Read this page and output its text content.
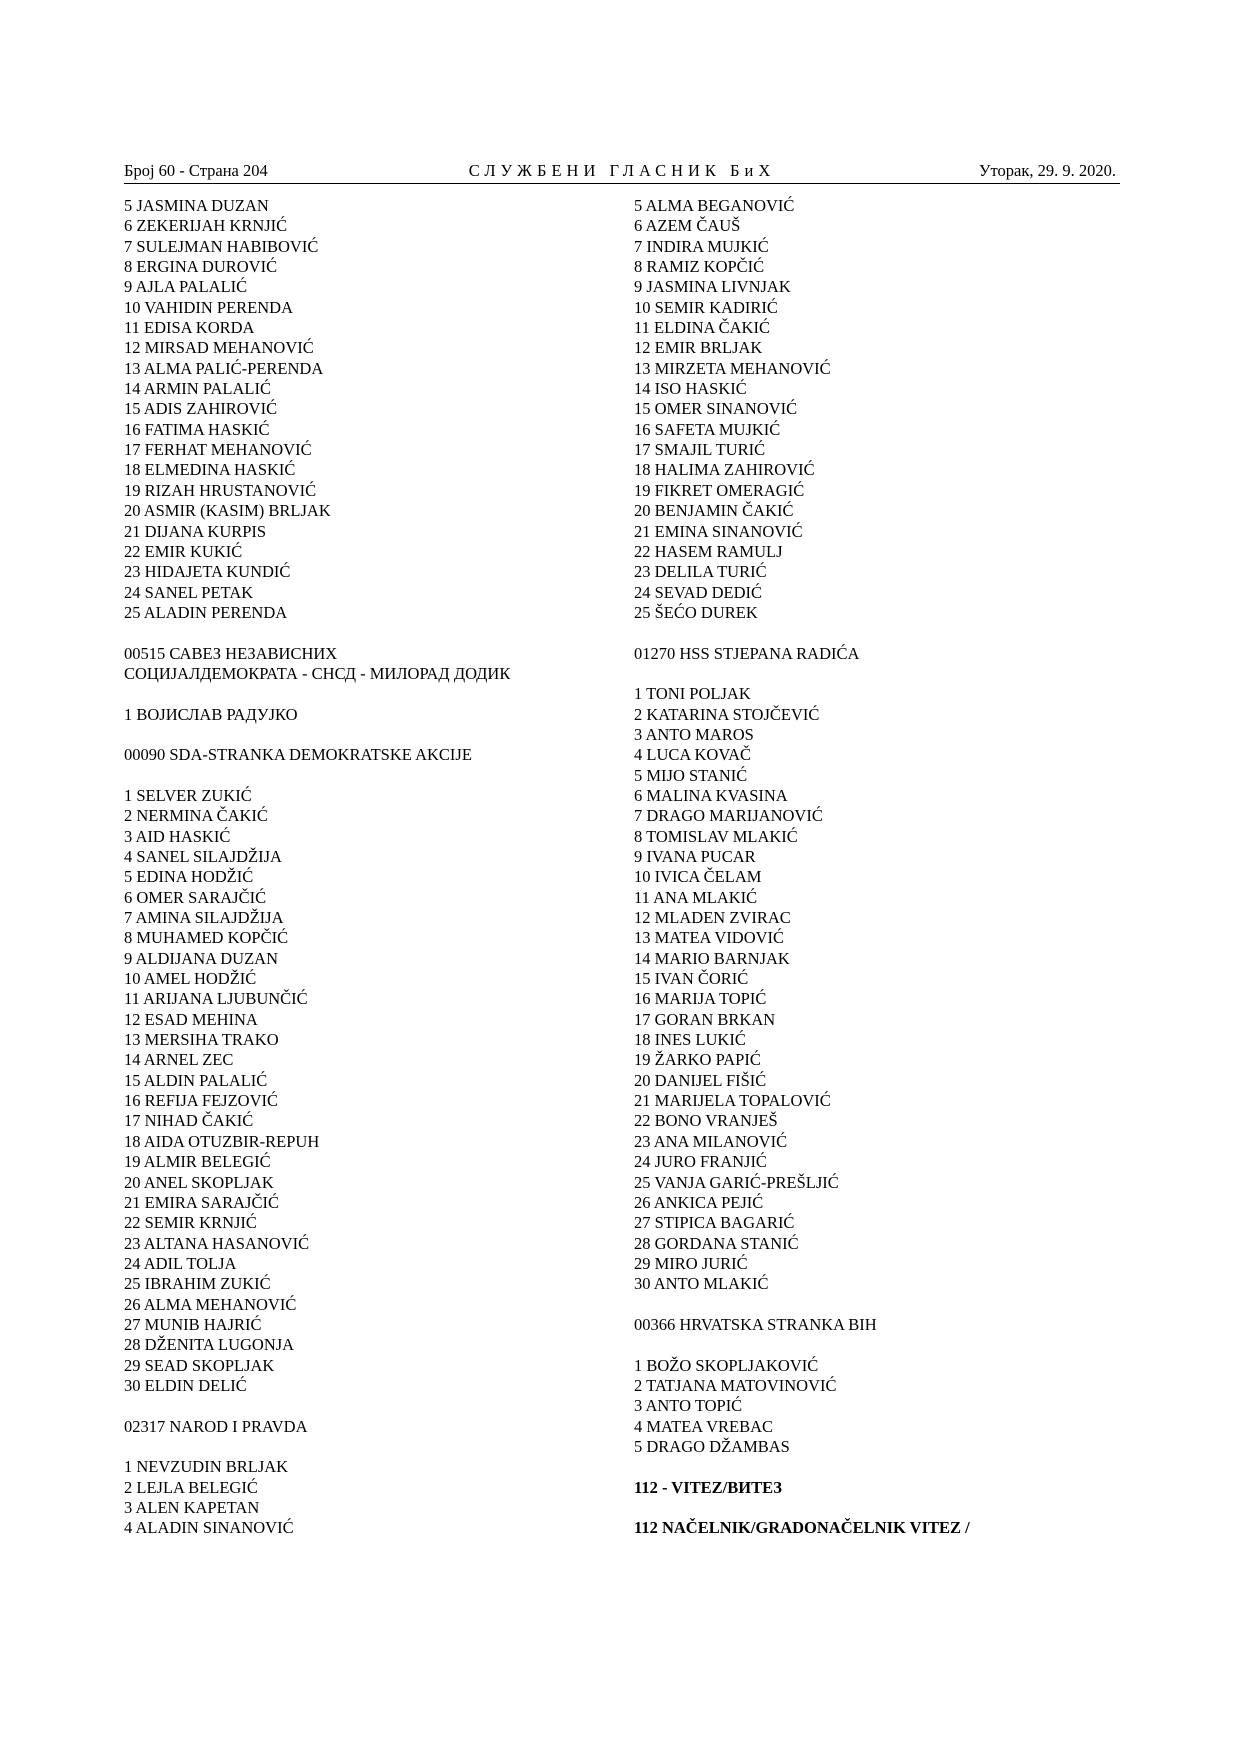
Број 60 - Страна 204	СЛУЖБЕНИ ГЛАСНИК БиХ	Уторак, 29. 9. 2020.
5 JASMINA DUZAN
6 ZEKERIJAH KRNJIĆ
7 SULEJMAN HABIBOVIĆ
8 ERGINA DUROVIĆ
9 AJLA PALALIĆ
10 VAHIDIN PERENDA
11 EDISA KORDA
12 MIRSAD MEHANOVIĆ
13 ALMA PALIĆ-PERENDA
14 ARMIN PALALIĆ
15 ADIS ZAHIROVIĆ
16 FATIMA HASKIĆ
17 FERHAT MEHANOVIĆ
18 ELMEDINA HASKIĆ
19 RIZAH HRUSTANOVIĆ
20 ASMIR (KASIM) BRLJAK
21 DIJANA KURPIS
22 EMIR KUKIĆ
23 HIDAJETA KUNDIĆ
24 SANEL PETAK
25 ALADIN PERENDA
00515 САВЕЗ НЕЗАВИСНИХ
СОЦИЈАЛДЕМОКРАТА - СНСД - МИЛОРАД ДОДИК
1 ВОЈИСЛАВ РАДУЈКО
00090 SDA-STRANKA DEMOKRATSKE AKCIJE
1 SELVER ZUKIĆ
2 NERMINA ČAKIĆ
3 AID HASKIĆ
4 SANEL SILAJDŽIJA
5 EDINA HODŽIĆ
6 OMER SARAJČIĆ
7 AMINA SILAJDŽIJA
8 MUHAMED KOPČIĆ
9 ALDIJANA DUZAN
10 AMEL HODŽIĆ
11 ARIJANA LJUBUNČIĆ
12 ESAD MEHINA
13 MERSIHA TRAKO
14 ARNEL ZEC
15 ALDIN PALALIĆ
16 REFIJA FEJZOVIĆ
17 NIHAD ČAKIĆ
18 AIDA OTUZBIR-REPUH
19 ALMIR BELEGIĆ
20 ANEL SKOPLJAK
21 EMIRA SARAJČIĆ
22 SEMIR KRNJIĆ
23 ALTANA HASANOVIĆ
24 ADIL TOLJA
25 IBRAHIM ZUKIĆ
26 ALMA MEHANOVIĆ
27 MUNIB HAJRIĆ
28 DŽENITA LUGONJA
29 SEAD SKOPLJAK
30 ELDIN DELIĆ
02317 NAROD I PRAVDA
1 NEVZUDIN BRLJAK
2 LEJLA BELEGIĆ
3 ALEN KAPETAN
4 ALADIN SINANOVIĆ
5 ALMA BEGANOVIĆ
6 AZEM ČAUŠ
7 INDIRA MUJKIĆ
8 RAMIZ KOPČIĆ
9 JASMINA LIVNJAK
10 SEMIR KADIRIĆ
11 ELDINA ČAKIĆ
12 EMIR BRLJAK
13 MIRZETA MEHANOVIĆ
14 ISO HASKIĆ
15 OMER SINANOVIĆ
16 SAFETA MUJKIĆ
17 SMAJIL TURIĆ
18 HALIMA ZAHIROVIĆ
19 FIKRET OMERAGIĆ
20 BENJAMIN ČAKIĆ
21 EMINA SINANOVIĆ
22 HASEM RAMULJ
23 DELILA TURIĆ
24 SEVAD DEDIĆ
25 ŠEĆO DUREK
01270 HSS STJEPANA RADIĆA
1 TONI POLJAK
2 KATARINA STOJČEVIĆ
3 ANTO MAROS
4 LUCA KOVAČ
5 MIJO STANIĆ
6 MALINA KVASINA
7 DRAGO MARIJANOVIĆ
8 TOMISLAV MLAKIĆ
9 IVANA PUCAR
10 IVICA ČELAM
11 ANA MLAKIĆ
12 MLADEN ZVIRAC
13 MATEA VIDOVIĆ
14 MARIO BARNJAK
15 IVAN ČORIĆ
16 MARIJA TOPIĆ
17 GORAN BRKAN
18 INES LUKIĆ
19 ŽARKO PAPIĆ
20 DANIJEL FIŠIĆ
21 MARIJELA TOPALOVIĆ
22 BONO VRANJEŠ
23 ANA MILANOVIĆ
24 JURO FRANJIĆ
25 VANJA GARIĆ-PREŠLJIĆ
26 ANKICA PEJIĆ
27 STIPICA BAGARIĆ
28 GORDANA STANIĆ
29 MIRO JURIĆ
30 ANTO MLAKIĆ
00366 HRVATSKA STRANKA BIH
1 BOŽO SKOPLJAKOVIĆ
2 TATJANA MATOVINOVIĆ
3 ANTO TOPIĆ
4 MATEA VREBAC
5 DRAGO DŽAMBAS
112 - VITEZ/ВИТЕЗ
112 NAČELNIK/GRADONAČELNIK VITEZ /
